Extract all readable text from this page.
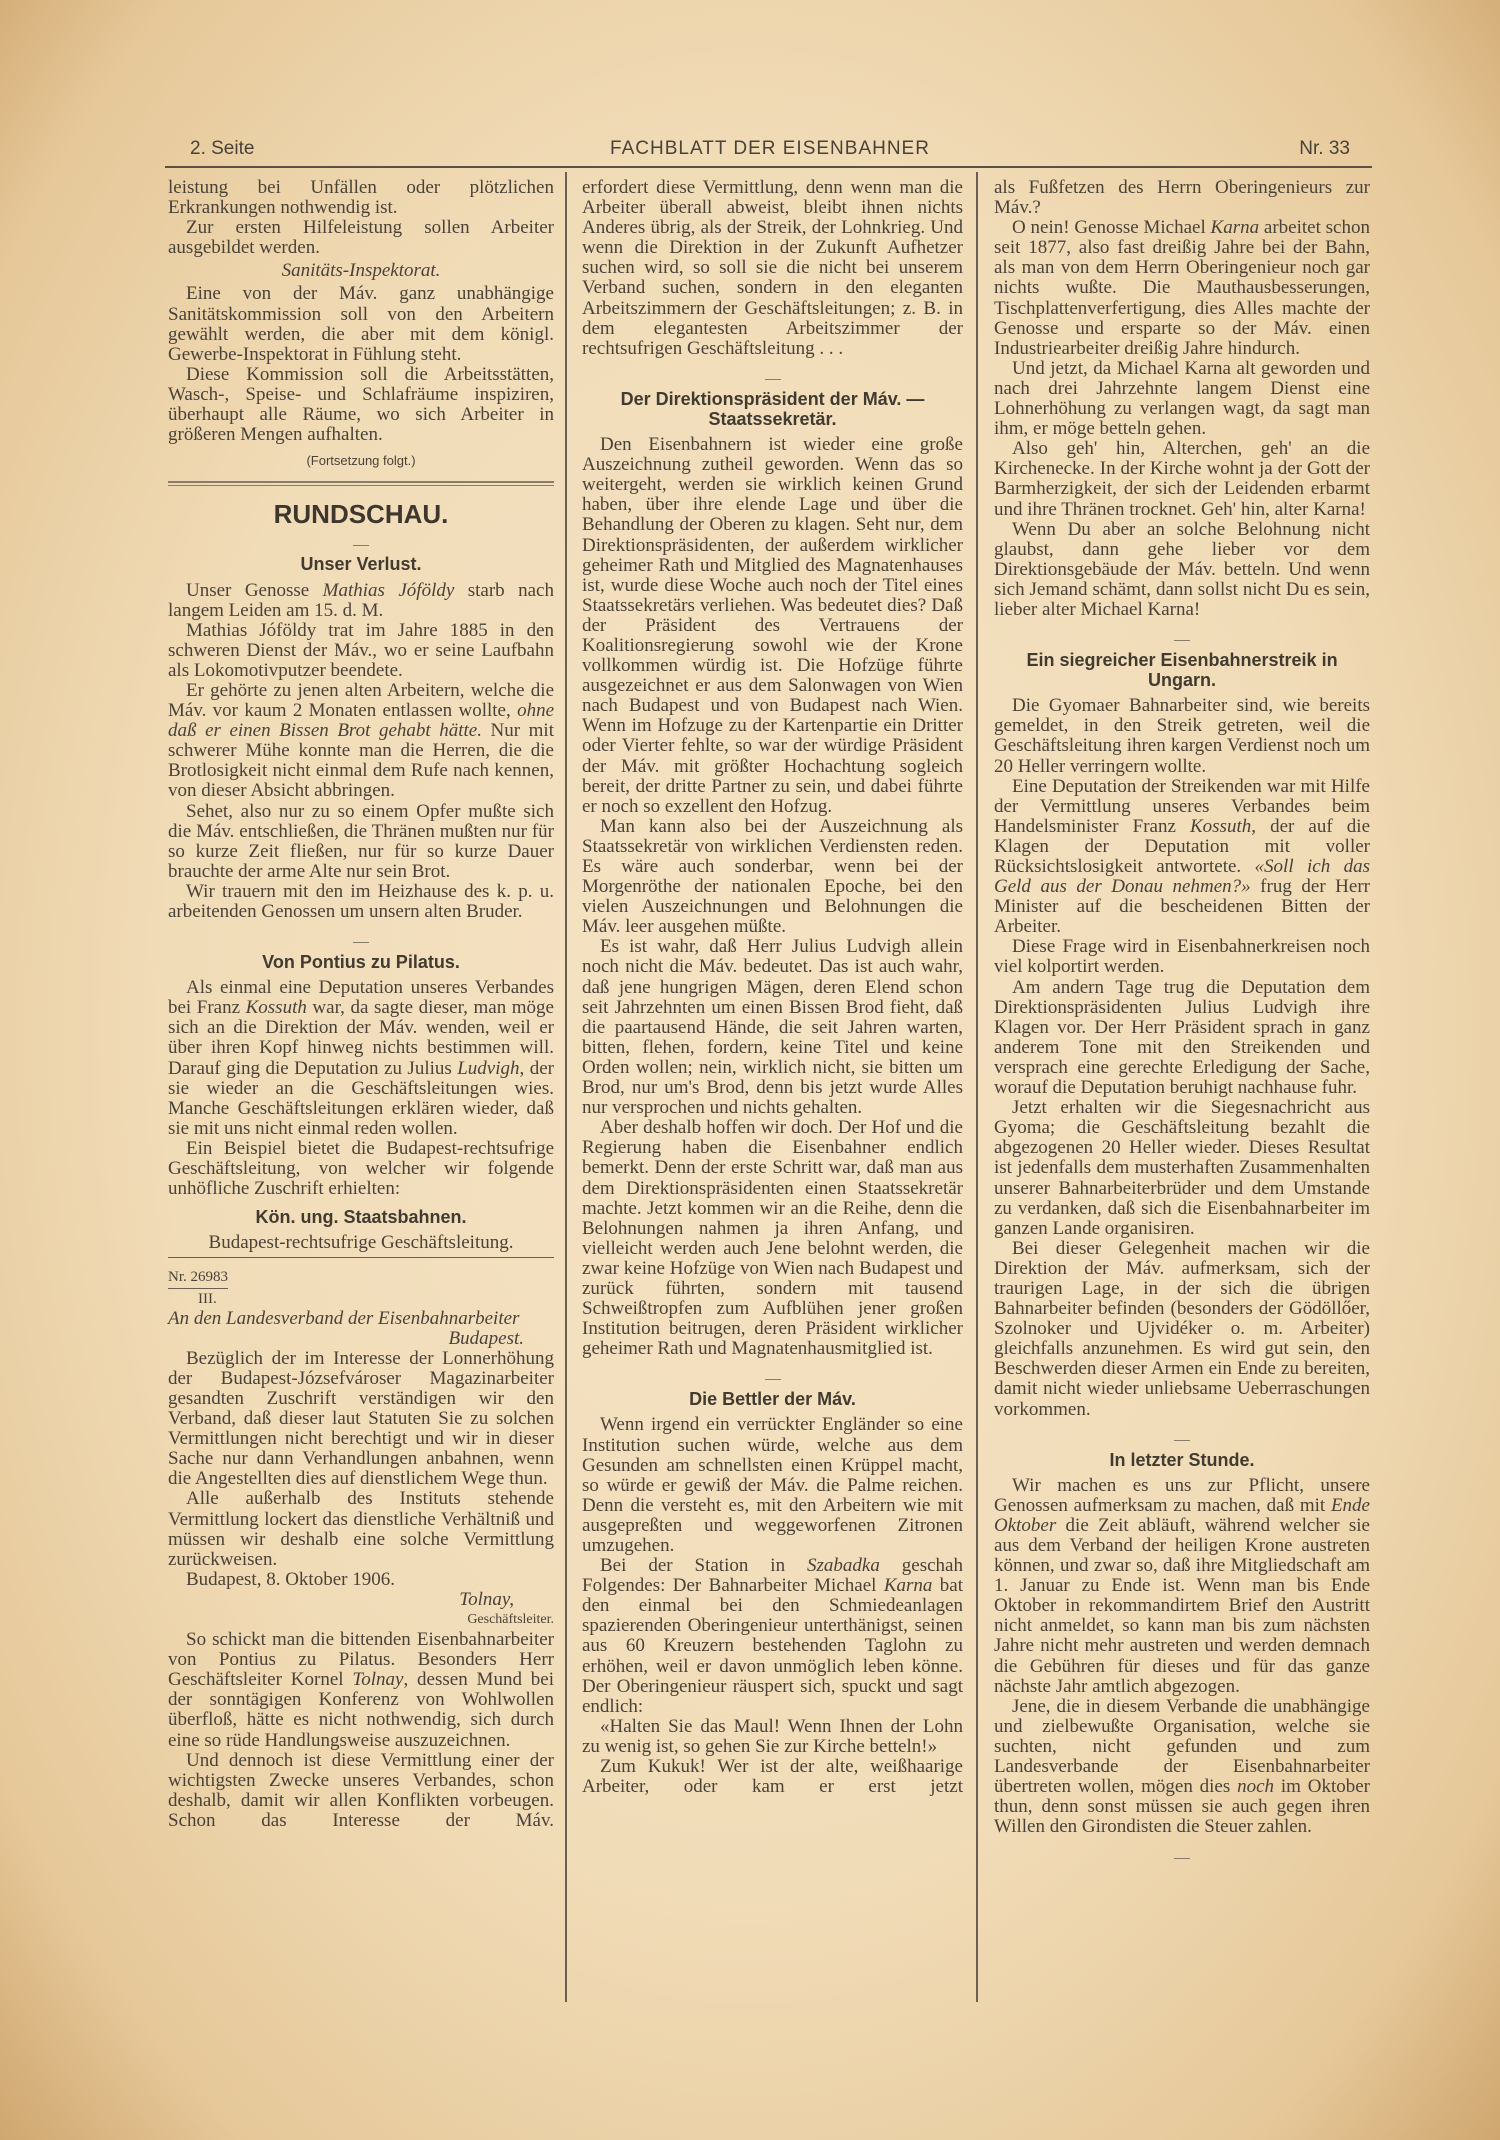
2. Seite	FACHBLATT DER EISENBAHNER	Nr. 33

leistung bei Unfällen oder plötzlichen Erkrankungen nothwendig ist.

Zur ersten Hilfeleistung sollen Arbeiter ausgebildet werden.

Sanitäts-Inspektorat.

Eine von der Máv. ganz unabhängige Sanitätskommission soll von den Arbeitern gewählt werden, die aber mit dem königl. Gewerbe-Inspektorat in Fühlung steht.

Diese Kommission soll die Arbeitsstätten, Wasch-, Speise- und Schlafräume inspiziren, überhaupt alle Räume, wo sich Arbeiter in größeren Mengen aufhalten.

(Fortsetzung folgt.)
RUNDSCHAU.
Unser Verlust.

Unser Genosse Mathias Jóföldy starb nach langem Leiden am 15. d. M.

Mathias Jóföldy trat im Jahre 1885 in den schweren Dienst der Máv., wo er seine Laufbahn als Lokomotivputzer beendete.

Er gehörte zu jenen alten Arbeitern, welche die Máv. vor kaum 2 Monaten entlassen wollte, ohne daß er einen Bissen Brot gehabt hätte. Nur mit schwerer Mühe konnte man die Herren, die die Brotlosigkeit nicht einmal dem Rufe nach kennen, von dieser Absicht abbringen.

Sehet, also nur zu so einem Opfer mußte sich die Máv. entschließen, die Thränen mußten nur für so kurze Zeit fließen, nur für so kurze Dauer brauchte der arme Alte nur sein Brot.

Wir trauern mit den im Heizhause des k. p. u. arbeitenden Genossen um unsern alten Bruder.

Von Pontius zu Pilatus.

Als einmal eine Deputation unseres Verbandes bei Franz Kossuth war, da sagte dieser, man möge sich an die Direktion der Máv. wenden, weil er über ihren Kopf hinweg nichts bestimmen will. Darauf ging die Deputation zu Julius Ludvigh, der sie wieder an die Geschäftsleitungen wies. Manche Geschäftsleitungen erklären wieder, daß sie mit uns nicht einmal reden wollen.

Ein Beispiel bietet die Budapest-rechtsufrige Geschäftsleitung, von welcher wir folgende unhöfliche Zuschrift erhielten:

Kön. ung. Staatsbahnen.
Budapest-rechtsufrige Geschäftsleitung.
Nr. 26983
III.
An den Landesverband der Eisenbahnarbeiter
Budapest.

Bezüglich der im Interesse der Lonnerhöhung der Budapest-Józsefvároser Magazinarbeiter gesandten Zuschrift verständigen wir den Verband, daß dieser laut Statuten Sie zu solchen Vermittlungen nicht berechtigt und wir in dieser Sache nur dann Verhandlungen anbahnen, wenn die Angestellten dies auf dienstlichem Wege thun.

Alle außerhalb des Instituts stehende Vermittlung lockert das dienstliche Verhältniß und müssen wir deshalb eine solche Vermittlung zurückweisen.

Budapest, 8. Oktober 1906.

Tolnay,
Geschäftsleiter.

So schickt man die bittenden Eisenbahnarbeiter von Pontius zu Pilatus. Besonders Herr Geschäftsleiter Kornel Tolnay, dessen Mund bei der sonntägigen Konferenz von Wohlwollen überfloß, hätte es nicht nothwendig, sich durch eine so rüde Handlungsweise auszuzeichnen.

Und dennoch ist diese Vermittlung einer der wichtigsten Zwecke unseres Verbandes, schon deshalb, damit wir allen Konflikten vorbeugen. Schon das Interesse der Máv.

erfordert diese Vermittlung, denn wenn man die Arbeiter überall abweist, bleibt ihnen nichts Anderes übrig, als der Streik, der Lohnkrieg. Und wenn die Direktion in der Zukunft Aufhetzer suchen wird, so soll sie die nicht bei unserem Verband suchen, sondern in den eleganten Arbeitszimmern der Geschäftsleitungen; z. B. in dem elegantesten Arbeitszimmer der rechtsufrigen Geschäftsleitung . . .

Der Direktionspräsident der Máv. — Staatssekretär.

Den Eisenbahnern ist wieder eine große Auszeichnung zutheil geworden. Wenn das so weitergeht, werden sie wirklich keinen Grund haben, über ihre elende Lage und über die Behandlung der Oberen zu klagen. Seht nur, dem Direktionspräsidenten, der außerdem wirklicher geheimer Rath und Mitglied des Magnatenhauses ist, wurde diese Woche auch noch der Titel eines Staatssekretärs verliehen. Was bedeutet dies? Daß der Präsident des Vertrauens der Koalitionsregierung sowohl wie der Krone vollkommen würdig ist. Die Hofzüge führte ausgezeichnet er aus dem Salonwagen von Wien nach Budapest und von Budapest nach Wien. Wenn im Hofzuge zu der Kartenpartie ein Dritter oder Vierter fehlte, so war der würdige Präsident der Máv. mit größter Hochachtung sogleich bereit, der dritte Partner zu sein, und dabei führte er noch so exzellent den Hofzug.

Man kann also bei der Auszeichnung als Staatssekretär von wirklichen Verdiensten reden. Es wäre auch sonderbar, wenn bei der Morgenröthe der nationalen Epoche, bei den vielen Auszeichnungen und Belohnungen die Máv. leer ausgehen müßte.

Es ist wahr, daß Herr Julius Ludvigh allein noch nicht die Máv. bedeutet. Das ist auch wahr, daß jene hungrigen Mägen, deren Elend schon seit Jahrzehnten um einen Bissen Brod fieht, daß die paartausend Hände, die seit Jahren warten, bitten, flehen, fordern, keine Titel und keine Orden wollen; nein, wirklich nicht, sie bitten um Brod, nur um's Brod, denn bis jetzt wurde Alles nur versprochen und nichts gehalten.

Aber deshalb hoffen wir doch. Der Hof und die Regierung haben die Eisenbahner endlich bemerkt. Denn der erste Schritt war, daß man aus dem Direktionspräsidenten einen Staatssekretär machte. Jetzt kommen wir an die Reihe, denn die Belohnungen nahmen ja ihren Anfang, und vielleicht werden auch Jene belohnt werden, die zwar keine Hofzüge von Wien nach Budapest und zurück führten, sondern mit tausend Schweißtropfen zum Aufblühen jener großen Institution beitrugen, deren Präsident wirklicher geheimer Rath und Magnatenhausmitglied ist.

Die Bettler der Máv.

Wenn irgend ein verrückter Engländer so eine Institution suchen würde, welche aus dem Gesunden am schnellsten einen Krüppel macht, so würde er gewiß der Máv. die Palme reichen. Denn die versteht es, mit den Arbeitern wie mit ausgepreßten und weggeworfenen Zitronen umzugehen.

Bei der Station in Szabadka geschah Folgendes: Der Bahnarbeiter Michael Karna bat den einmal bei den Schmiedeanlagen spazierenden Oberingenieur unterthänigst, seinen aus 60 Kreuzern bestehenden Taglohn zu erhöhen, weil er davon unmöglich leben könne. Der Oberingenieur räuspert sich, spuckt und sagt endlich:

«Halten Sie das Maul! Wenn Ihnen der Lohn zu wenig ist, so gehen Sie zur Kirche betteln!»

Zum Kukuk! Wer ist der alte, weißhaarige Arbeiter, oder kam er erst jetzt

als Fußfetzen des Herrn Oberingenieurs zur Máv.?

O nein! Genosse Michael Karna arbeitet schon seit 1877, also fast dreißig Jahre bei der Bahn, als man von dem Herrn Oberingenieur noch gar nichts wußte. Die Mauthausbesserungen, Tischplattenverfertigung, dies Alles machte der Genosse und ersparte so der Máv. einen Industriearbeiter dreißig Jahre hindurch.

Und jetzt, da Michael Karna alt geworden und nach drei Jahrzehnte langem Dienst eine Lohnerhöhung zu verlangen wagt, da sagt man ihm, er möge betteln gehen.

Also geh' hin, Alterchen, geh' an die Kirchenecke. In der Kirche wohnt ja der Gott der Barmherzigkeit, der sich der Leidenden erbarmt und ihre Thränen trocknet. Geh' hin, alter Karna!

Wenn Du aber an solche Belohnung nicht glaubst, dann gehe lieber vor dem Direktionsgebäude der Máv. betteln. Und wenn sich Jemand schämt, dann sollst nicht Du es sein, lieber alter Michael Karna!

Ein siegreicher Eisenbahnerstreik in Ungarn.

Die Gyomaer Bahnarbeiter sind, wie bereits gemeldet, in den Streik getreten, weil die Geschäftsleitung ihren kargen Verdienst noch um 20 Heller verringern wollte.

Eine Deputation der Streikenden war mit Hilfe der Vermittlung unseres Verbandes beim Handelsminister Franz Kossuth, der auf die Klagen der Deputation mit voller Rücksichtslosigkeit antwortete. «Soll ich das Geld aus der Donau nehmen?» frug der Herr Minister auf die bescheidenen Bitten der Arbeiter.

Diese Frage wird in Eisenbahnerkreisen noch viel kolportirt werden.

Am andern Tage trug die Deputation dem Direktionspräsidenten Julius Ludvigh ihre Klagen vor. Der Herr Präsident sprach in ganz anderem Tone mit den Streikenden und versprach eine gerechte Erledigung der Sache, worauf die Deputation beruhigt nachhause fuhr.

Jetzt erhalten wir die Siegesnachricht aus Gyoma; die Geschäftsleitung bezahlt die abgezogenen 20 Heller wieder. Dieses Resultat ist jedenfalls dem musterhaften Zusammenhalten unserer Bahnarbeiterbrüder und dem Umstande zu verdanken, daß sich die Eisenbahnarbeiter im ganzen Lande organisiren.

Bei dieser Gelegenheit machen wir die Direktion der Máv. aufmerksam, sich der traurigen Lage, in der sich die übrigen Bahnarbeiter befinden (besonders der Gödöllőer, Szolnoker und Ujvidéker o. m. Arbeiter) gleichfalls anzunehmen. Es wird gut sein, den Beschwerden dieser Armen ein Ende zu bereiten, damit nicht wieder unliebsame Ueberraschungen vorkommen.

In letzter Stunde.

Wir machen es uns zur Pflicht, unsere Genossen aufmerksam zu machen, daß mit Ende Oktober die Zeit abläuft, während welcher sie aus dem Verband der heiligen Krone austreten können, und zwar so, daß ihre Mitgliedschaft am 1. Januar zu Ende ist. Wenn man bis Ende Oktober in rekommandirtem Brief den Austritt nicht anmeldet, so kann man bis zum nächsten Jahre nicht mehr austreten und werden demnach die Gebühren für dieses und für das ganze nächste Jahr amtlich abgezogen.

Jene, die in diesem Verbande die unabhängige und zielbewußte Organisation, welche sie suchten, nicht gefunden und zum Landesverbande der Eisenbahnarbeiter übertreten wollen, mögen dies noch im Oktober thun, denn sonst müssen sie auch gegen ihren Willen den Girondisten die Steuer zahlen.
